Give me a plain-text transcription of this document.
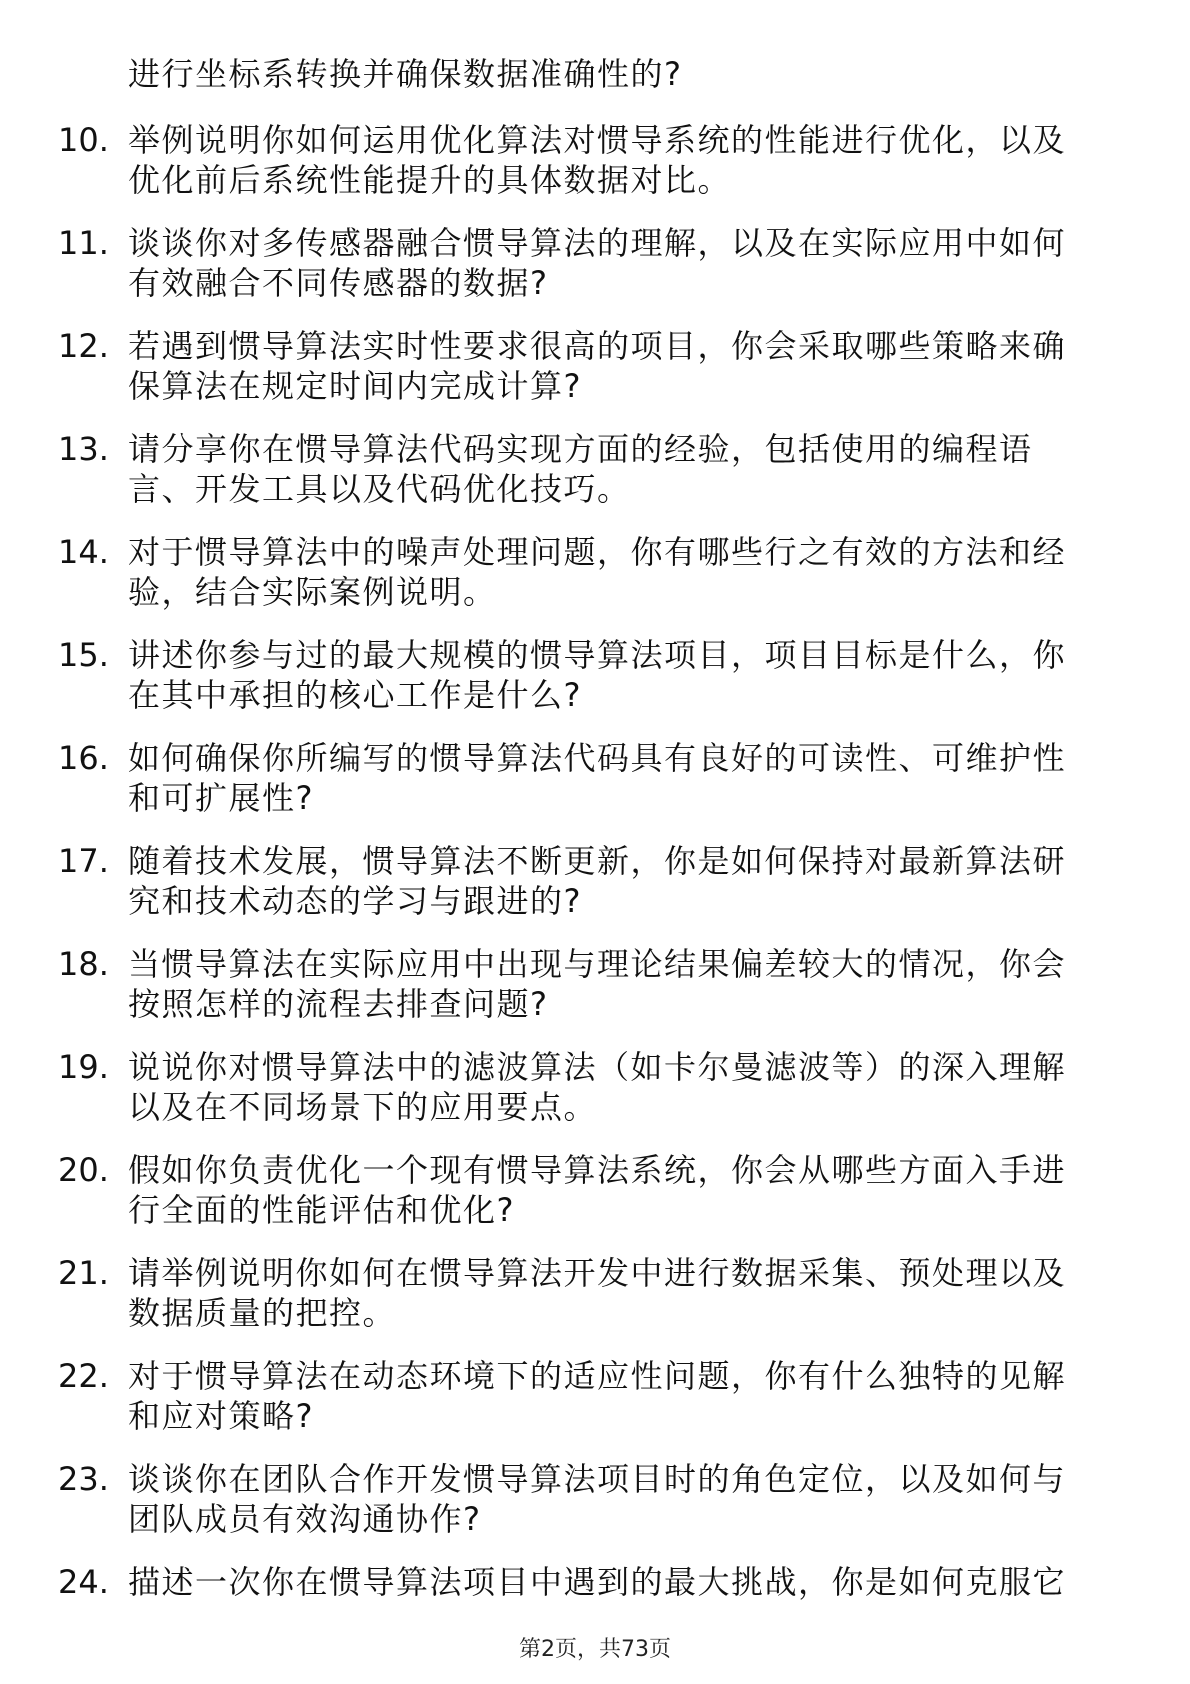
进行坐标系转换并确保数据准确性的?
10. 举例说明你如何运用优化算法对惯导系统的性能进行优化，以及
优化前后系统性能提升的具体数据对比。
11. 谈谈你对多传感器融合惯导算法的理解，以及在实际应用中如何
有效融合不同传感器的数据?
12. 若遇到惯导算法实时性要求很高的项目，你会采取哪些策略来确
保算法在规定时间内完成计算?
13. 请分享你在惯导算法代码实现方面的经验，包括使用的编程语
言、开发工具以及代码优化技巧。
14. 对于惯导算法中的噪声处理问题，你有哪些行之有效的方法和经
验，结合实际案例说明。
15. 讲述你参与过的最大规模的惯导算法项目，项目目标是什么，你
在其中承担的核心工作是什么?
16. 如何确保你所编写的惯导算法代码具有良好的可读性、可维护性
和可扩展性?
17. 随着技术发展，惯导算法不断更新，你是如何保持对最新算法研
究和技术动态的学习与跟进的?
18. 当惯导算法在实际应用中出现与理论结果偏差较大的情况，你会
按照怎样的流程去排查问题?
19. 说说你对惯导算法中的滤波算法（如卡尔曼滤波等）的深入理解
以及在不同场景下的应用要点。
20. 假如你负责优化一个现有惯导算法系统，你会从哪些方面入手进
行全面的性能评估和优化?
21. 请举例说明你如何在惯导算法开发中进行数据采集、预处理以及
数据质量的把控。
22. 对于惯导算法在动态环境下的适应性问题，你有什么独特的见解
和应对策略?
23. 谈谈你在团队合作开发惯导算法项目时的角色定位，以及如何与
团队成员有效沟通协作?
24. 描述一次你在惯导算法项目中遇到的最大挑战，你是如何克服它
第2页，共73页
